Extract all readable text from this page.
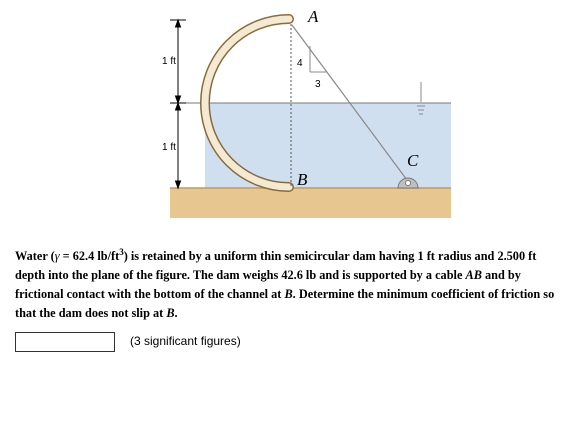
1 ft
1 ft
4
3
A
B
C
Water (γ = 62.4 $lb/ft^3$) is retained by a uniform thin semicircular dam having 1 ft radius and 2.500 ft depth into the plane of the figure. The dam weighs 42.6 lb and is supported by a cable AB and by frictional contact with the bottom of the channel at B. Determine the minimum coefficient of friction so that the dam does not slip at B.
(3 significant figures)
